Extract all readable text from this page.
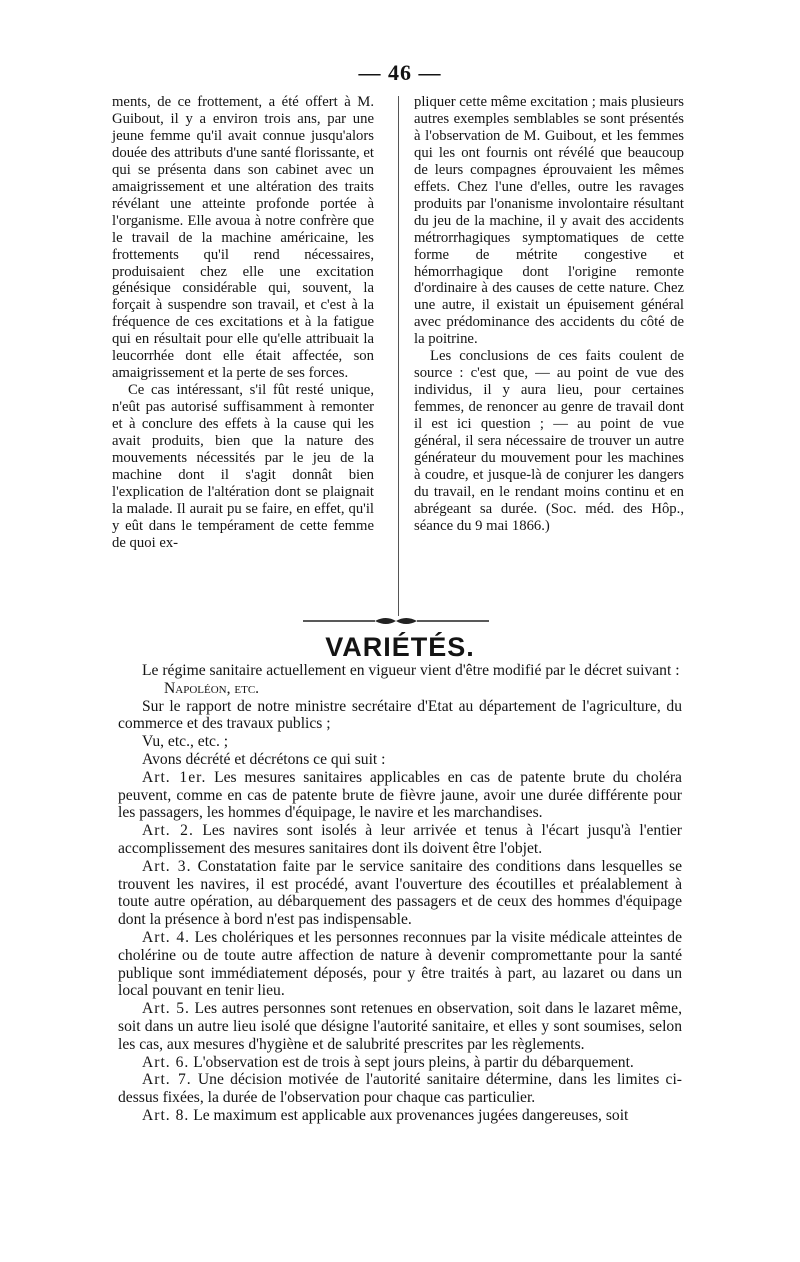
— 46 —

ments, de ce frottement, a été offert à M. Guibout, il y a environ trois ans, par une jeune femme qu'il avait connue jusqu'alors douée des attributs d'une santé florissante, et qui se présenta dans son cabinet avec un amaigrissement et une altération des traits révélant une atteinte profonde portée à l'organisme. Elle avoua à notre confrère que le travail de la machine américaine, les frottements qu'il rend nécessaires, produisaient chez elle une excitation génésique considérable qui, souvent, la forçait à suspendre son travail, et c'est à la fréquence de ces excitations et à la fatigue qui en résultait pour elle qu'elle attribuait la leucorrhée dont elle était affectée, son amaigrissement et la perte de ses forces.

Ce cas intéressant, s'il fût resté unique, n'eût pas autorisé suffisamment à remonter et à conclure des effets à la cause qui les avait produits, bien que la nature des mouvements nécessités par le jeu de la machine dont il s'agit donnât bien l'explication de l'altération dont se plaignait la malade. Il aurait pu se faire, en effet, qu'il y eût dans le tempérament de cette femme de quoi ex-

pliquer cette même excitation ; mais plusieurs autres exemples semblables se sont présentés à l'observation de M. Guibout, et les femmes qui les ont fournis ont révélé que beaucoup de leurs compagnes éprouvaient les mêmes effets. Chez l'une d'elles, outre les ravages produits par l'onanisme involontaire résultant du jeu de la machine, il y avait des accidents métrorrhagiques symptomatiques de cette forme de métrite congestive et hémorrhagique dont l'origine remonte d'ordinaire à des causes de cette nature. Chez une autre, il existait un épuisement général avec prédominance des accidents du côté de la poitrine.

Les conclusions de ces faits coulent de source : c'est que, — au point de vue des individus, il y aura lieu, pour certaines femmes, de renoncer au genre de travail dont il est ici question ; — au point de vue général, il sera nécessaire de trouver un autre générateur du mouvement pour les machines à coudre, et jusque-là de conjurer les dangers du travail, en le rendant moins continu et en abrégeant sa durée. (Soc. méd. des Hôp., séance du 9 mai 1866.)

VARIÉTÉS.

Le régime sanitaire actuellement en vigueur vient d'être modifié par le décret suivant :

Napoléon, etc.

Sur le rapport de notre ministre secrétaire d'Etat au département de l'agriculture, du commerce et des travaux publics ;

Vu, etc., etc. ;

Avons décrété et décrétons ce qui suit :

Art. 1er. Les mesures sanitaires applicables en cas de patente brute du choléra peuvent, comme en cas de patente brute de fièvre jaune, avoir une durée différente pour les passagers, les hommes d'équipage, le navire et les marchandises.

Art. 2. Les navires sont isolés à leur arrivée et tenus à l'écart jusqu'à l'entier accomplissement des mesures sanitaires dont ils doivent être l'objet.

Art. 3. Constatation faite par le service sanitaire des conditions dans lesquelles se trouvent les navires, il est procédé, avant l'ouverture des écoutilles et préalablement à toute autre opération, au débarquement des passagers et de ceux des hommes d'équipage dont la présence à bord n'est pas indispensable.

Art. 4. Les cholériques et les personnes reconnues par la visite médicale atteintes de cholérine ou de toute autre affection de nature à devenir compromettante pour la santé publique sont immédiatement déposés, pour y être traités à part, au lazaret ou dans un local pouvant en tenir lieu.

Art. 5. Les autres personnes sont retenues en observation, soit dans le lazaret même, soit dans un autre lieu isolé que désigne l'autorité sanitaire, et elles y sont soumises, selon les cas, aux mesures d'hygiène et de salubrité prescrites par les règlements.

Art. 6. L'observation est de trois à sept jours pleins, à partir du débarquement.

Art. 7. Une décision motivée de l'autorité sanitaire détermine, dans les limites ci-dessus fixées, la durée de l'observation pour chaque cas particulier.

Art. 8. Le maximum est applicable aux provenances jugées dangereuses, soit
